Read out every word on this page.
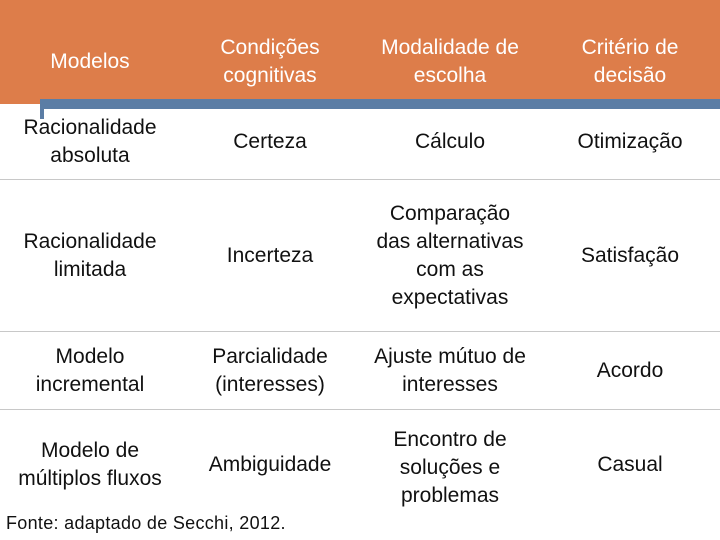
Modelos
Condições cognitivas
Modalidade de escolha
Critério de decisão
Racionalidade absoluta
Certeza	Cálculo	Otimização
Racionalidade limitada
Incerteza
Comparação das alternativas com as expectativas
Satisfação
Modelo incremental
Parcialidade (interesses)
Ajuste mútuo de interesses
Acordo
Modelo de múltiplos fluxos
Ambiguidade
Encontro de soluções e problemas
Casual
Fonte: adaptado de Secchi, 2012.
